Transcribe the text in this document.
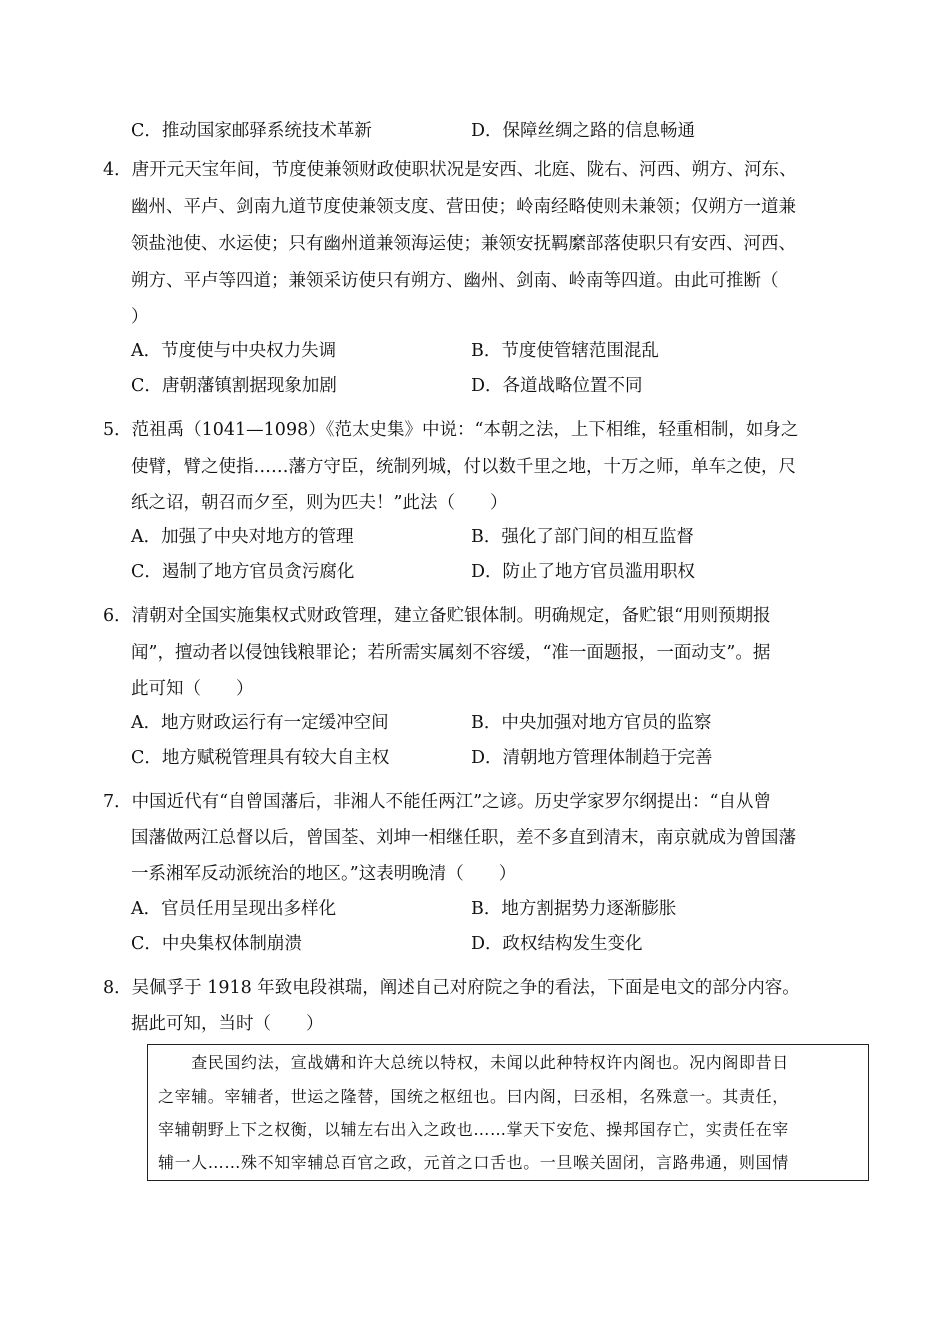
C．推动国家邮驿系统技术革新	D．保障丝绸之路的信息畅通
4．唐开元天宝年间，节度使兼领财政使职状况是安西、北庭、陇右、河西、朔方、河东、
幽州、平卢、剑南九道节度使兼领支度、营田使；岭南经略使则未兼领；仅朔方一道兼
领盐池使、水运使；只有幽州道兼领海运使；兼领安抚羁縻部落使职只有安西、河西、
朔方、平卢等四道；兼领采访使只有朔方、幽州、剑南、岭南等四道。由此可推断（
）
A．节度使与中央权力失调	B．节度使管辖范围混乱
C．唐朝藩镇割据现象加剧	D．各道战略位置不同
5．范祖禹（1041—1098）《范太史集》中说：“本朝之法，上下相维，轻重相制，如身之
使臂，臂之使指……藩方守臣，统制列城，付以数千里之地，十万之师，单车之使，尺
纸之诏，朝召而夕至，则为匹夫！”此法（　　）
A．加强了中央对地方的管理	B．强化了部门间的相互监督
C．遏制了地方官员贪污腐化	D．防止了地方官员滥用职权
6．清朝对全国实施集权式财政管理，建立备贮银体制。明确规定，备贮银“用则预期报
闻”，擅动者以侵蚀钱粮罪论；若所需实属刻不容缓，“准一面题报，一面动支”。据
此可知（　　）
A．地方财政运行有一定缓冲空间	B．中央加强对地方官员的监察
C．地方赋税管理具有较大自主权	D．清朝地方管理体制趋于完善
7．中国近代有“自曾国藩后，非湘人不能任两江”之谚。历史学家罗尔纲提出：“自从曾
国藩做两江总督以后，曾国荃、刘坤一相继任职，差不多直到清末，南京就成为曾国藩
一系湘军反动派统治的地区。”这表明晚清（　　）
A．官员任用呈现出多样化	B．地方割据势力逐渐膨胀
C．中央集权体制崩溃	D．政权结构发生变化
8．吴佩孚于 1918 年致电段祺瑞，阐述自己对府院之争的看法，下面是电文的部分内容。
据此可知，当时（　　）
　　查民国约法，宣战媾和许大总统以特权，未闻以此种特权许内阁也。况内阁即昔日
之宰辅。宰辅者，世运之隆替，国统之枢纽也。曰内阁，曰丞相，名殊意一。其责任，
宰辅朝野上下之权衡，以辅左右出入之政也……掌天下安危、操邦国存亡，实责任在宰
辅一人……殊不知宰辅总百官之政，元首之口舌也。一旦喉关固闭，言路弗通，则国情
